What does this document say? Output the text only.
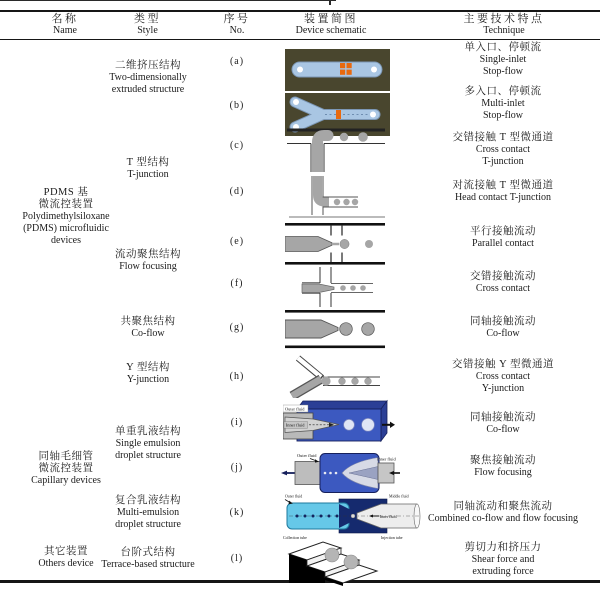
名称
Name
类型
Style
序号
No.
装置简图
Device schematic
主要技术特点
Technique
PDMS 基
微流控装置
Polydimethylsiloxane
(PDMS) microfluidic
devices
同轴毛细管
微流控装置
Capillary devices
其它装置
Others device
二维挤压结构
Two-dimensionally
extruded structure
T 型结构
T-junction
流动聚焦结构
Flow focusing
共聚焦结构
Co-flow
Y 型结构
Y-junction
单重乳液结构
Single emulsion
droplet structure
复合乳液结构
Multi-emulsion
droplet structure
台阶式结构
Terrace-based structure
(a)
(b)
(c)
(d)
(e)
(f)
(g)
(h)
(i)
(j)
(k)
(l)
单入口、停顿流
Single-inlet
Stop-flow
多入口、停顿流
Multi-inlet
Stop-flow
交错接触 T 型微通道
Cross contact
T-junction
对流接触 T 型微通道
Head contact T-junction
平行接触流动
Parallel contact
交错接触流动
Cross contact
同轴接触流动
Co-flow
交错接触 Y 型微通道
Cross contact
Y-junction
同轴接触流动
Co-flow
聚焦接触流动
Flow focusing
同轴流动和聚焦流动
Combined co-flow and flow focusing
剪切力和挤压力
Shear force and
extruding force
Outer fluid
Inner fluid
Outer fluid
Inner fluid
Outer fluid	Middle fluid
Inner fluid
Collection tube	Injection tube
